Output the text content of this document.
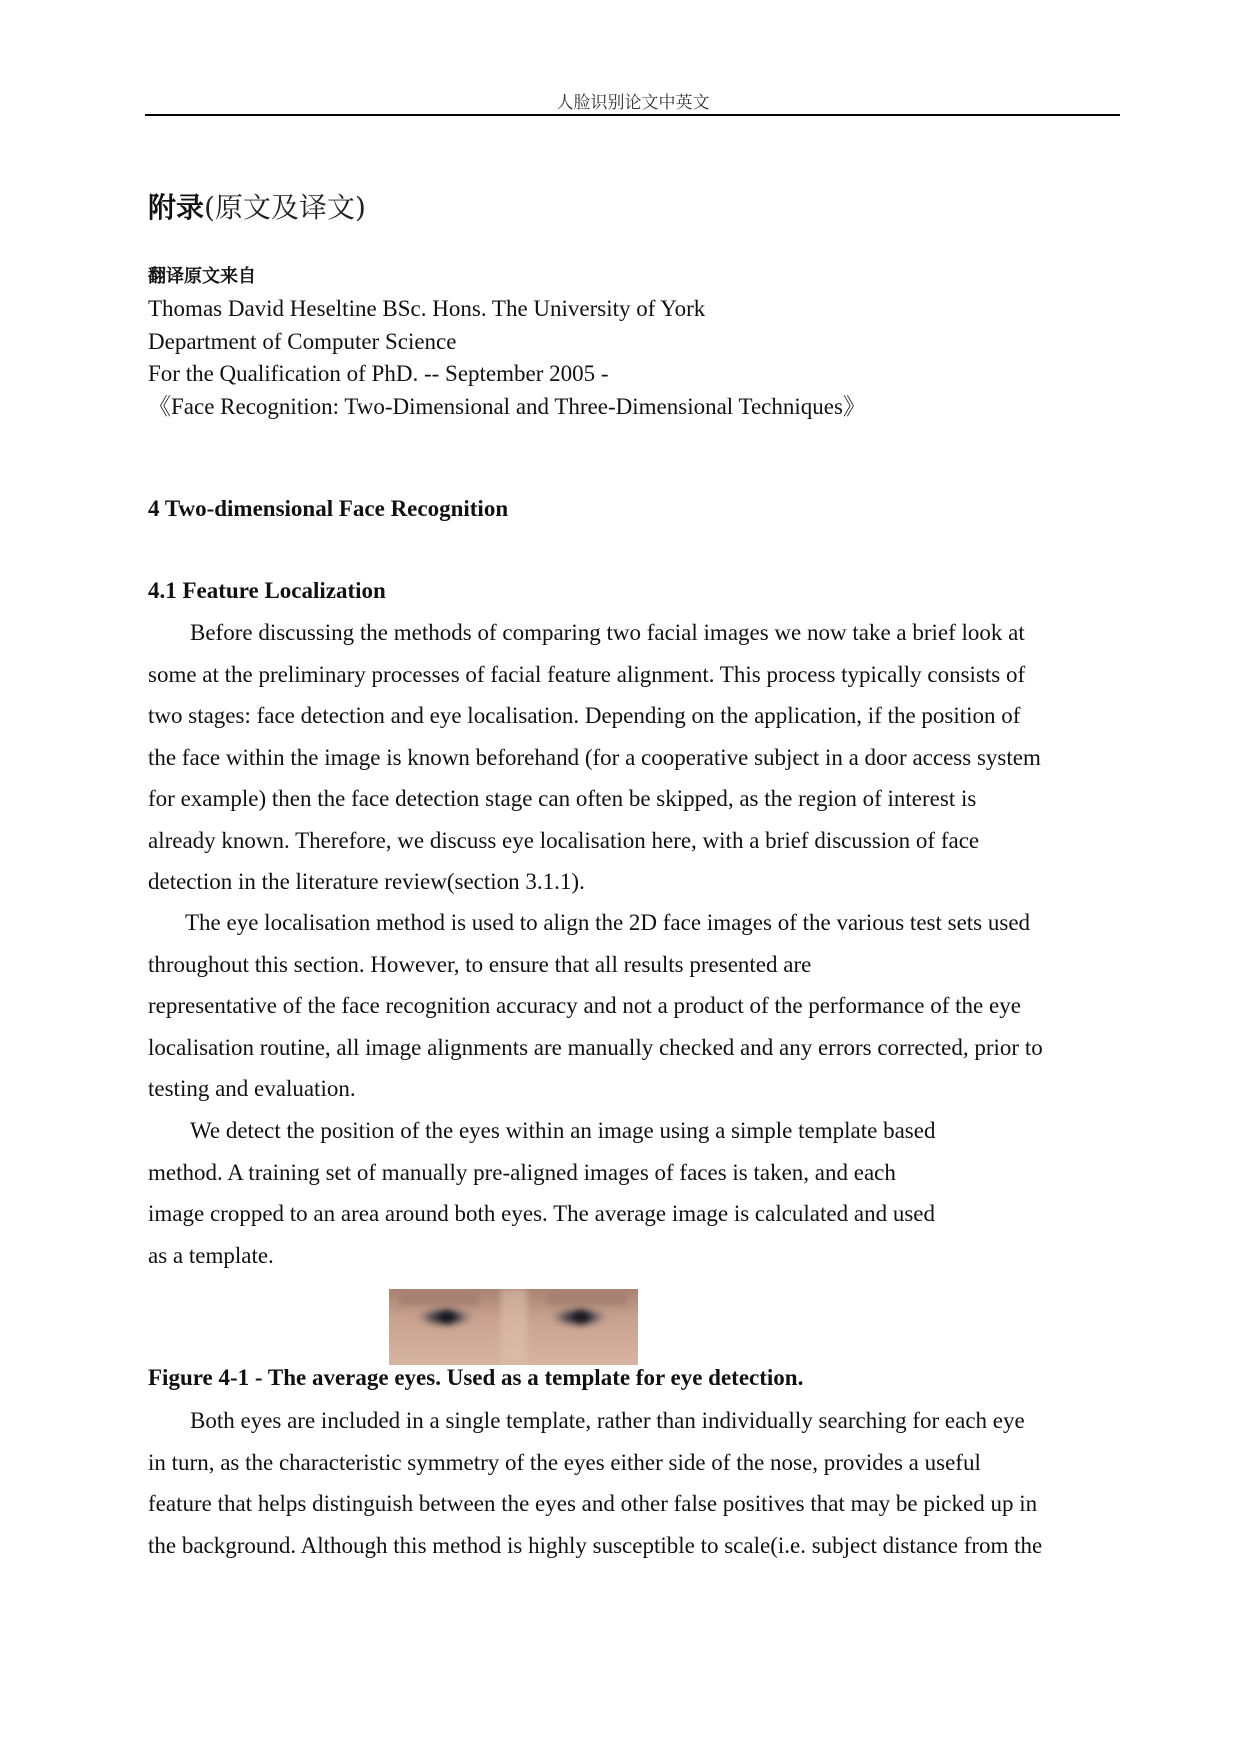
人脸识别论文中英文
附录(原文及译文)
翻译原文来自
Thomas David Heseltine BSc. Hons. The University of York
Department of Computer Science
For the Qualification of PhD. -- September 2005 -
《Face Recognition: Two-Dimensional and Three-Dimensional Techniques》
4 Two-dimensional Face Recognition
4.1 Feature Localization
Before discussing the methods of comparing two facial images we now take a brief look at
some at the preliminary processes of facial feature alignment. This process typically consists of
two stages: face detection and eye localisation. Depending on the application, if the position of
the face within the image is known beforehand (for a cooperative subject in a door access system
for example) then the face detection stage can often be skipped, as the region of interest is
already known. Therefore, we discuss eye localisation here, with a brief discussion of face
detection in the literature review(section 3.1.1).
The eye localisation method is used to align the 2D face images of the various test sets used
throughout this section. However, to ensure that all results presented are
representative of the face recognition accuracy and not a product of the performance of the eye
localisation routine, all image alignments are manually checked and any errors corrected, prior to
testing and evaluation.
We detect the position of the eyes within an image using a simple template based
method. A training set of manually pre-aligned images of faces is taken, and each
image cropped to an area around both eyes. The average image is calculated and used
as a template.
Figure 4-1 - The average eyes. Used as a template for eye detection.
Both eyes are included in a single template, rather than individually searching for each eye
in turn, as the characteristic symmetry of the eyes either side of the nose, provides a useful
feature that helps distinguish between the eyes and other false positives that may be picked up in
the background. Although this method is highly susceptible to scale(i.e. subject distance from the
